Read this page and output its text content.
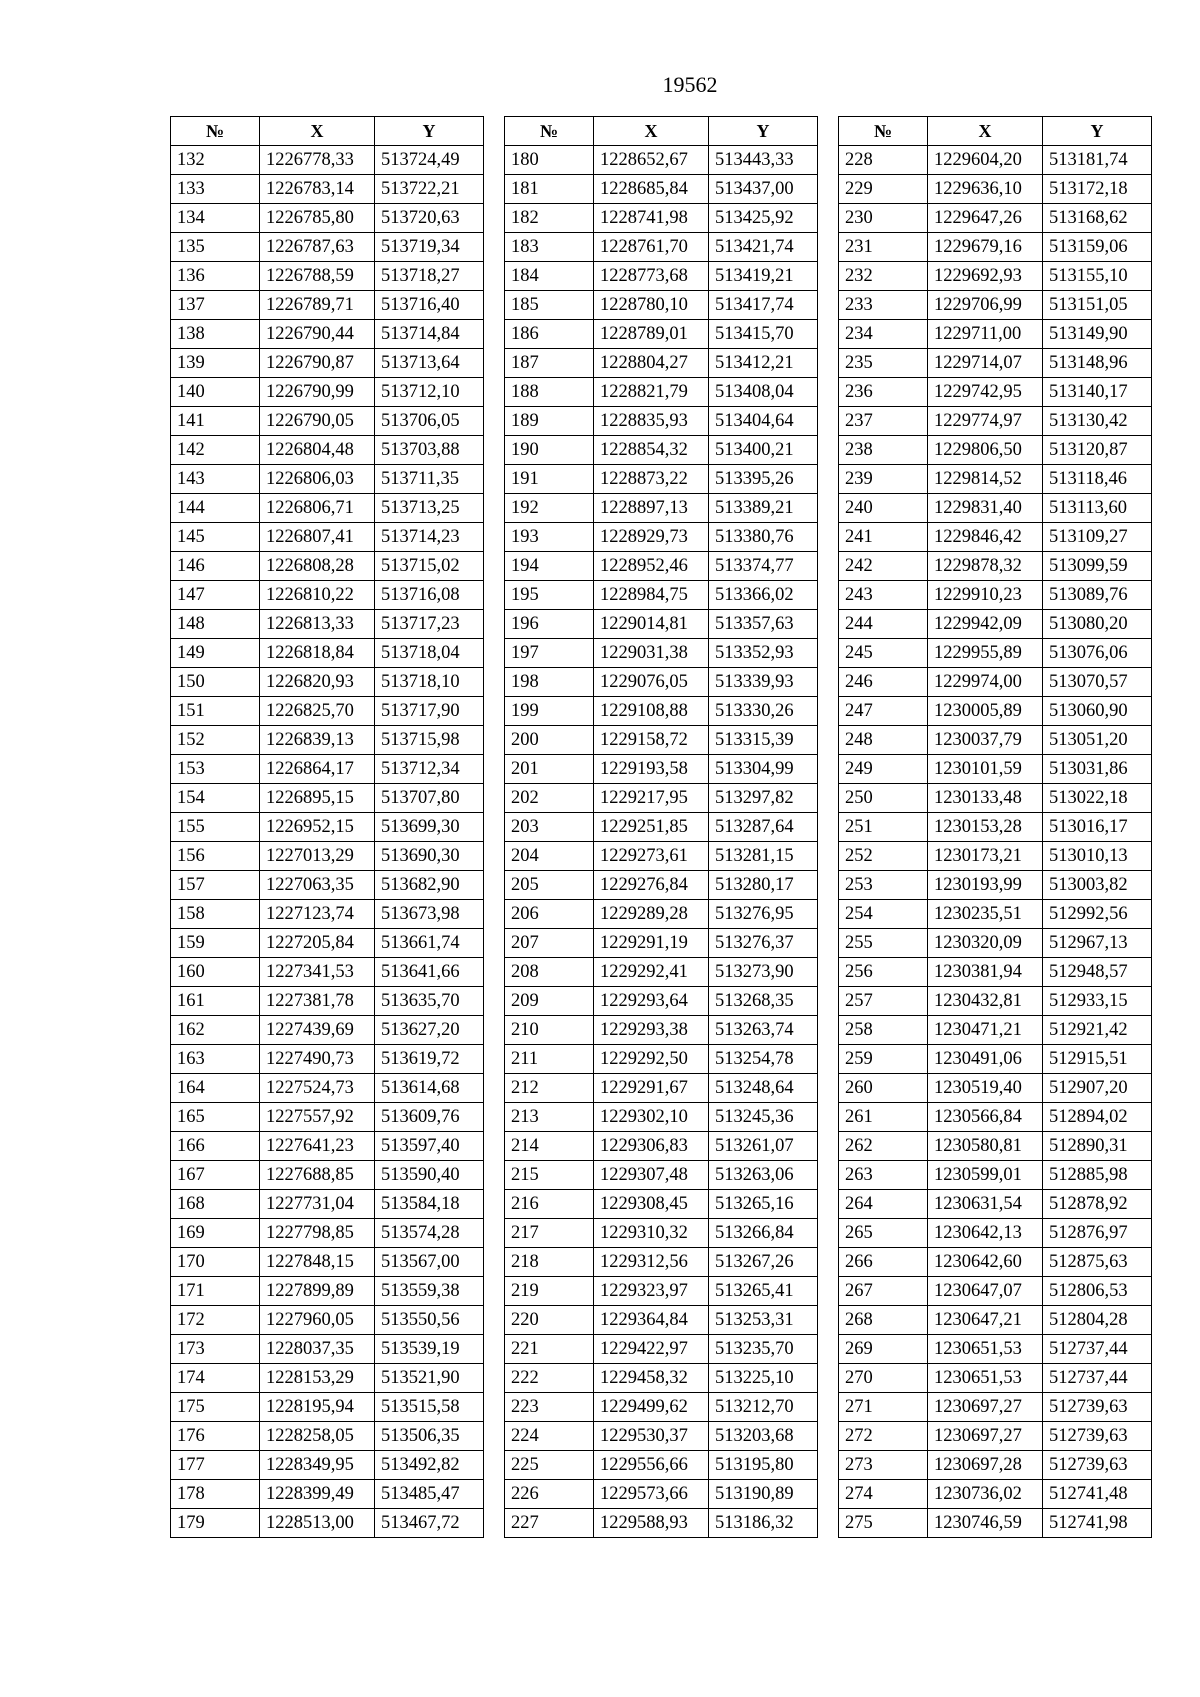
19562
№	X	Y
132	1226778,33	513724,49
133	1226783,14	513722,21
134	1226785,80	513720,63
135	1226787,63	513719,34
136	1226788,59	513718,27
137	1226789,71	513716,40
138	1226790,44	513714,84
139	1226790,87	513713,64
140	1226790,99	513712,10
141	1226790,05	513706,05
142	1226804,48	513703,88
143	1226806,03	513711,35
144	1226806,71	513713,25
145	1226807,41	513714,23
146	1226808,28	513715,02
147	1226810,22	513716,08
148	1226813,33	513717,23
149	1226818,84	513718,04
150	1226820,93	513718,10
151	1226825,70	513717,90
152	1226839,13	513715,98
153	1226864,17	513712,34
154	1226895,15	513707,80
155	1226952,15	513699,30
156	1227013,29	513690,30
157	1227063,35	513682,90
158	1227123,74	513673,98
159	1227205,84	513661,74
160	1227341,53	513641,66
161	1227381,78	513635,70
162	1227439,69	513627,20
163	1227490,73	513619,72
164	1227524,73	513614,68
165	1227557,92	513609,76
166	1227641,23	513597,40
167	1227688,85	513590,40
168	1227731,04	513584,18
169	1227798,85	513574,28
170	1227848,15	513567,00
171	1227899,89	513559,38
172	1227960,05	513550,56
173	1228037,35	513539,19
174	1228153,29	513521,90
175	1228195,94	513515,58
176	1228258,05	513506,35
177	1228349,95	513492,82
178	1228399,49	513485,47
179	1228513,00	513467,72
№	X	Y
180	1228652,67	513443,33
181	1228685,84	513437,00
182	1228741,98	513425,92
183	1228761,70	513421,74
184	1228773,68	513419,21
185	1228780,10	513417,74
186	1228789,01	513415,70
187	1228804,27	513412,21
188	1228821,79	513408,04
189	1228835,93	513404,64
190	1228854,32	513400,21
191	1228873,22	513395,26
192	1228897,13	513389,21
193	1228929,73	513380,76
194	1228952,46	513374,77
195	1228984,75	513366,02
196	1229014,81	513357,63
197	1229031,38	513352,93
198	1229076,05	513339,93
199	1229108,88	513330,26
200	1229158,72	513315,39
201	1229193,58	513304,99
202	1229217,95	513297,82
203	1229251,85	513287,64
204	1229273,61	513281,15
205	1229276,84	513280,17
206	1229289,28	513276,95
207	1229291,19	513276,37
208	1229292,41	513273,90
209	1229293,64	513268,35
210	1229293,38	513263,74
211	1229292,50	513254,78
212	1229291,67	513248,64
213	1229302,10	513245,36
214	1229306,83	513261,07
215	1229307,48	513263,06
216	1229308,45	513265,16
217	1229310,32	513266,84
218	1229312,56	513267,26
219	1229323,97	513265,41
220	1229364,84	513253,31
221	1229422,97	513235,70
222	1229458,32	513225,10
223	1229499,62	513212,70
224	1229530,37	513203,68
225	1229556,66	513195,80
226	1229573,66	513190,89
227	1229588,93	513186,32
№	X	Y
228	1229604,20	513181,74
229	1229636,10	513172,18
230	1229647,26	513168,62
231	1229679,16	513159,06
232	1229692,93	513155,10
233	1229706,99	513151,05
234	1229711,00	513149,90
235	1229714,07	513148,96
236	1229742,95	513140,17
237	1229774,97	513130,42
238	1229806,50	513120,87
239	1229814,52	513118,46
240	1229831,40	513113,60
241	1229846,42	513109,27
242	1229878,32	513099,59
243	1229910,23	513089,76
244	1229942,09	513080,20
245	1229955,89	513076,06
246	1229974,00	513070,57
247	1230005,89	513060,90
248	1230037,79	513051,20
249	1230101,59	513031,86
250	1230133,48	513022,18
251	1230153,28	513016,17
252	1230173,21	513010,13
253	1230193,99	513003,82
254	1230235,51	512992,56
255	1230320,09	512967,13
256	1230381,94	512948,57
257	1230432,81	512933,15
258	1230471,21	512921,42
259	1230491,06	512915,51
260	1230519,40	512907,20
261	1230566,84	512894,02
262	1230580,81	512890,31
263	1230599,01	512885,98
264	1230631,54	512878,92
265	1230642,13	512876,97
266	1230642,60	512875,63
267	1230647,07	512806,53
268	1230647,21	512804,28
269	1230651,53	512737,44
270	1230651,53	512737,44
271	1230697,27	512739,63
272	1230697,27	512739,63
273	1230697,28	512739,63
274	1230736,02	512741,48
275	1230746,59	512741,98
